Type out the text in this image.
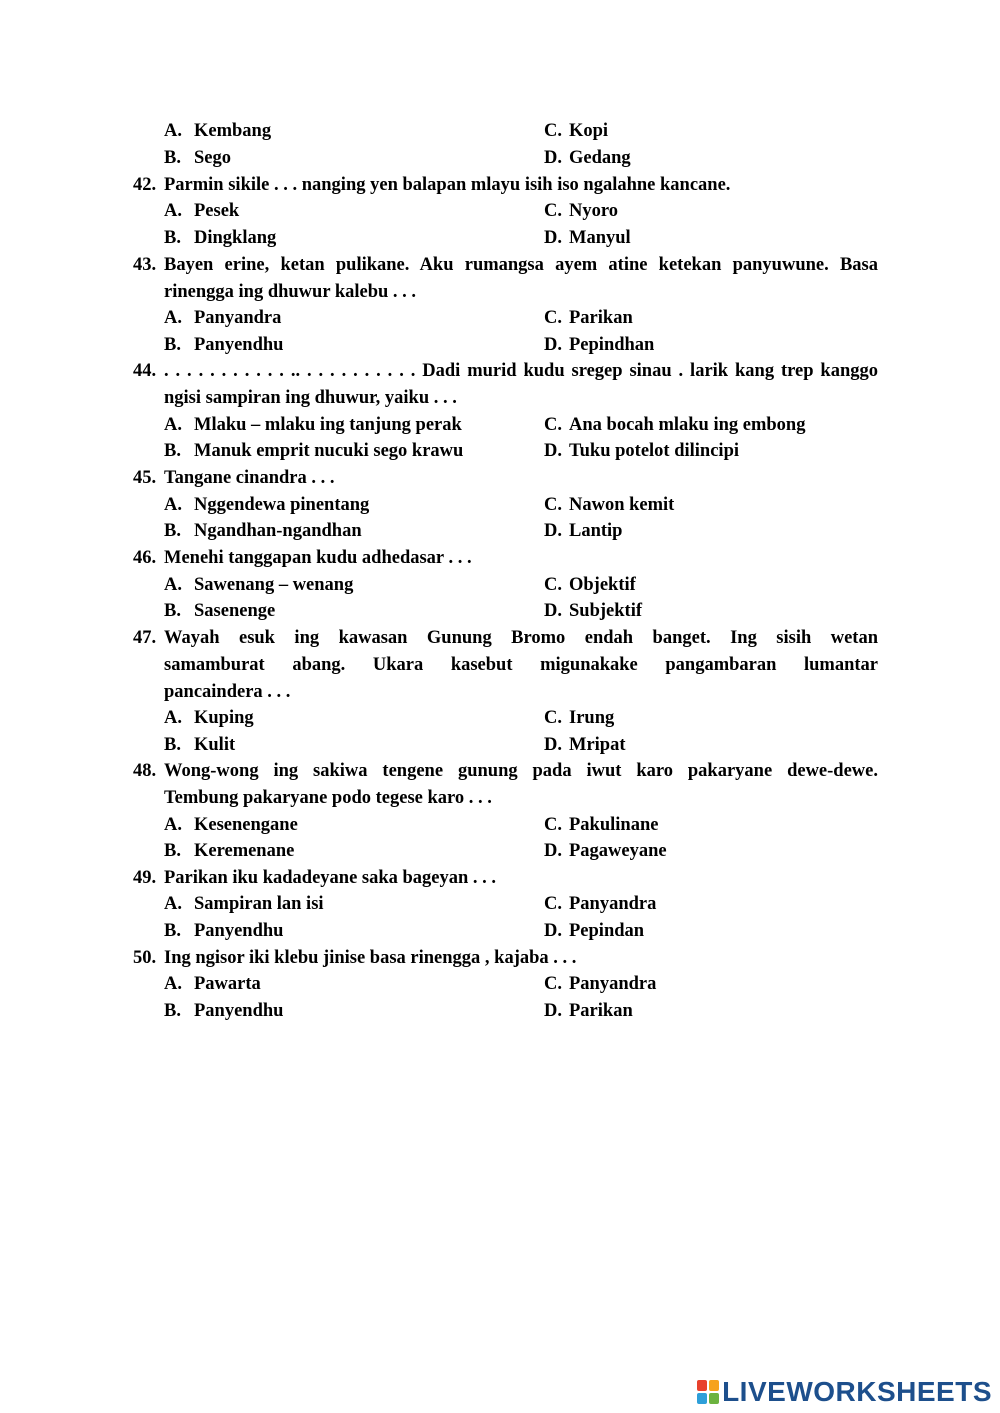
A. Kembang	C. Kopi
B. Sego	D. Gedang
42. Parmin sikile . . . nanging yen balapan mlayu isih iso ngalahne kancane.
A. Pesek	C. Nyoro
B. Dingklang	D. Manyul
43. Bayen erine, ketan pulikane. Aku rumangsa ayem atine ketekan panyuwune. Basa
rinengga ing dhuwur kalebu . . .
A. Panyandra	C. Parikan
B. Panyendhu	D. Pepindhan
44. . . . . . . . . . . . .. . . . . . . . . . . Dadi murid kudu sregep sinau . larik kang trep kanggo
ngisi sampiran ing dhuwur, yaiku . . .
A. Mlaku – mlaku ing tanjung perak	C. Ana bocah mlaku ing embong
B. Manuk emprit nucuki sego krawu	D. Tuku potelot dilincipi
45. Tangane cinandra . . .
A. Nggendewa pinentang	C. Nawon kemit
B. Ngandhan-ngandhan	D. Lantip
46. Menehi tanggapan kudu adhedasar . . .
A. Sawenang – wenang	C. Objektif
B. Sasenenge	D. Subjektif
47. Wayah esuk ing kawasan Gunung Bromo endah banget. Ing sisih wetan
samamburat abang. Ukara kasebut migunakake pangambaran lumantar
pancaindera . . .
A. Kuping	C. Irung
B. Kulit	D. Mripat
48. Wong-wong ing sakiwa tengene gunung pada iwut karo pakaryane dewe-dewe.
Tembung pakaryane podo tegese karo . . .
A. Kesenengane	C. Pakulinane
B. Keremenane	D. Pagaweyane
49. Parikan iku kadadeyane saka bageyan . . .
A. Sampiran lan isi	C. Panyandra
B. Panyendhu	D. Pepindan
50. Ing ngisor iki klebu jinise basa rinengga , kajaba . . .
A. Pawarta	C. Panyandra
B. Panyendhu	D. Parikan
LIVEWORKSHEETS
